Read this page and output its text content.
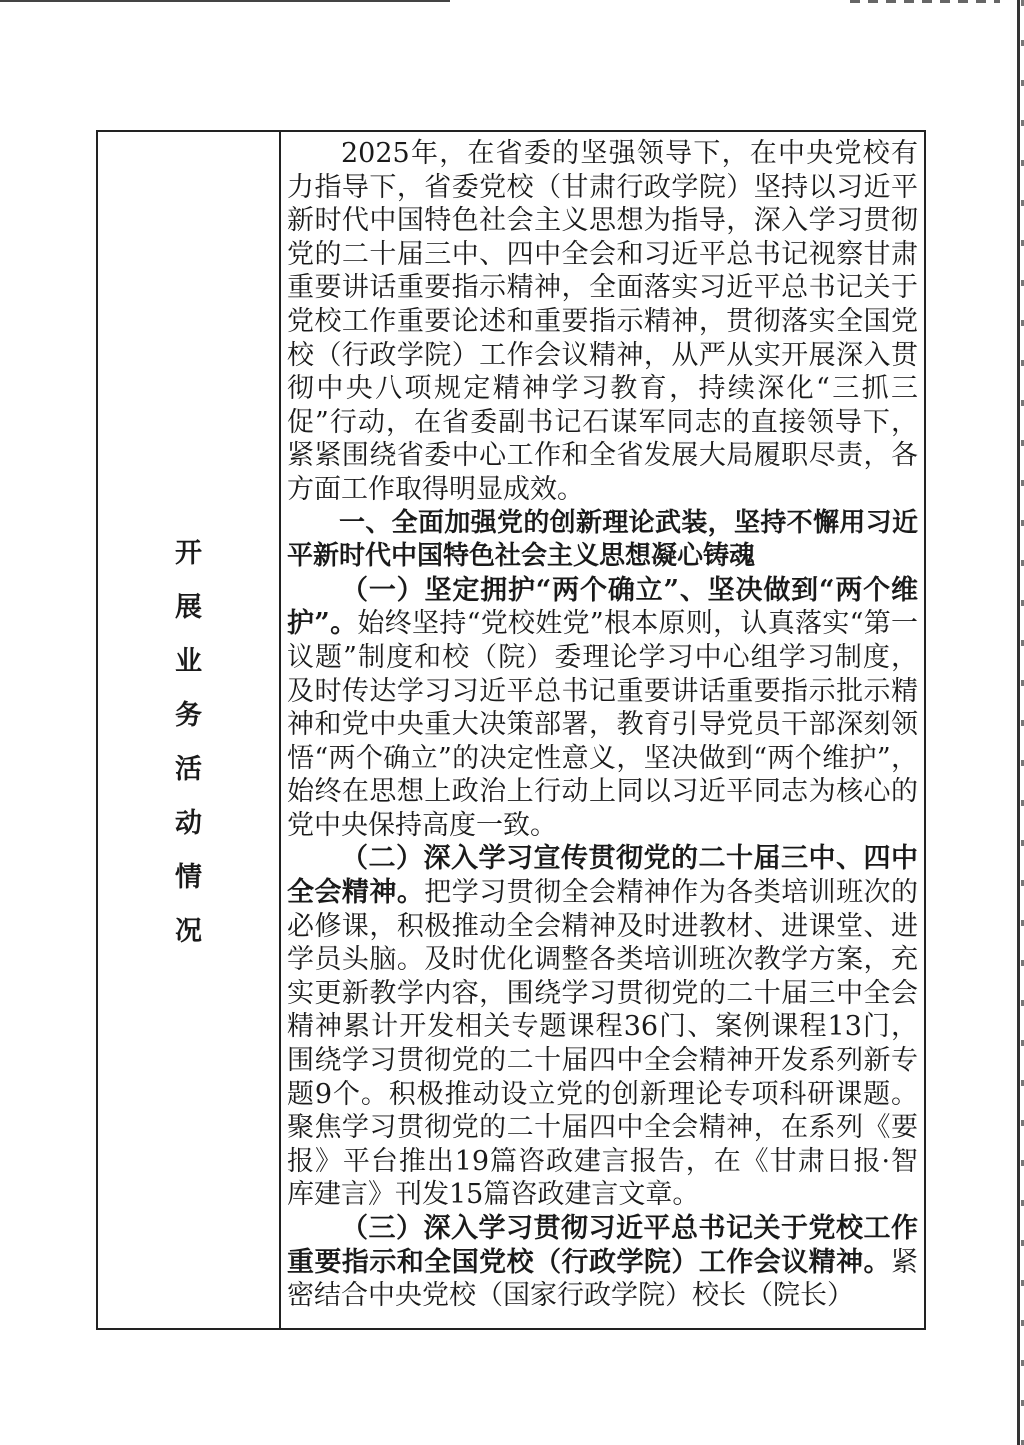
开
展
业
务
活
动
情
况

2025年，在省委的坚强领导下，在中央党校有力指导下，省委党校（甘肃行政学院）坚持以习近平新时代中国特色社会主义思想为指导，深入学习贯彻党的二十届三中、四中全会和习近平总书记视察甘肃重要讲话重要指示精神，全面落实习近平总书记关于党校工作重要论述和重要指示精神，贯彻落实全国党校（行政学院）工作会议精神，从严从实开展深入贯彻中央八项规定精神学习教育，持续深化“三抓三促”行动，在省委副书记石谋军同志的直接领导下，紧紧围绕省委中心工作和全省发展大局履职尽责，各方面工作取得明显成效。

一、全面加强党的创新理论武装，坚持不懈用习近平新时代中国特色社会主义思想凝心铸魂

（一）坚定拥护“两个确立”、坚决做到“两个维护”。始终坚持“党校姓党”根本原则，认真落实“第一议题”制度和校（院）委理论学习中心组学习制度，及时传达学习习近平总书记重要讲话重要指示批示精神和党中央重大决策部署，教育引导党员干部深刻领悟“两个确立”的决定性意义，坚决做到“两个维护”，始终在思想上政治上行动上同以习近平同志为核心的党中央保持高度一致。

（二）深入学习宣传贯彻党的二十届三中、四中全会精神。把学习贯彻全会精神作为各类培训班次的必修课，积极推动全会精神及时进教材、进课堂、进学员头脑。及时优化调整各类培训班次教学方案，充实更新教学内容，围绕学习贯彻党的二十届三中全会精神累计开发相关专题课程36门、案例课程13门，围绕学习贯彻党的二十届四中全会精神开发系列新专题9个。积极推动设立党的创新理论专项科研课题。聚焦学习贯彻党的二十届四中全会精神，在系列《要报》平台推出19篇咨政建言报告，在《甘肃日报·智库建言》刊发15篇咨政建言文章。

（三）深入学习贯彻习近平总书记关于党校工作重要指示和全国党校（行政学院）工作会议精神。紧密结合中央党校（国家行政学院）校长（院长）
